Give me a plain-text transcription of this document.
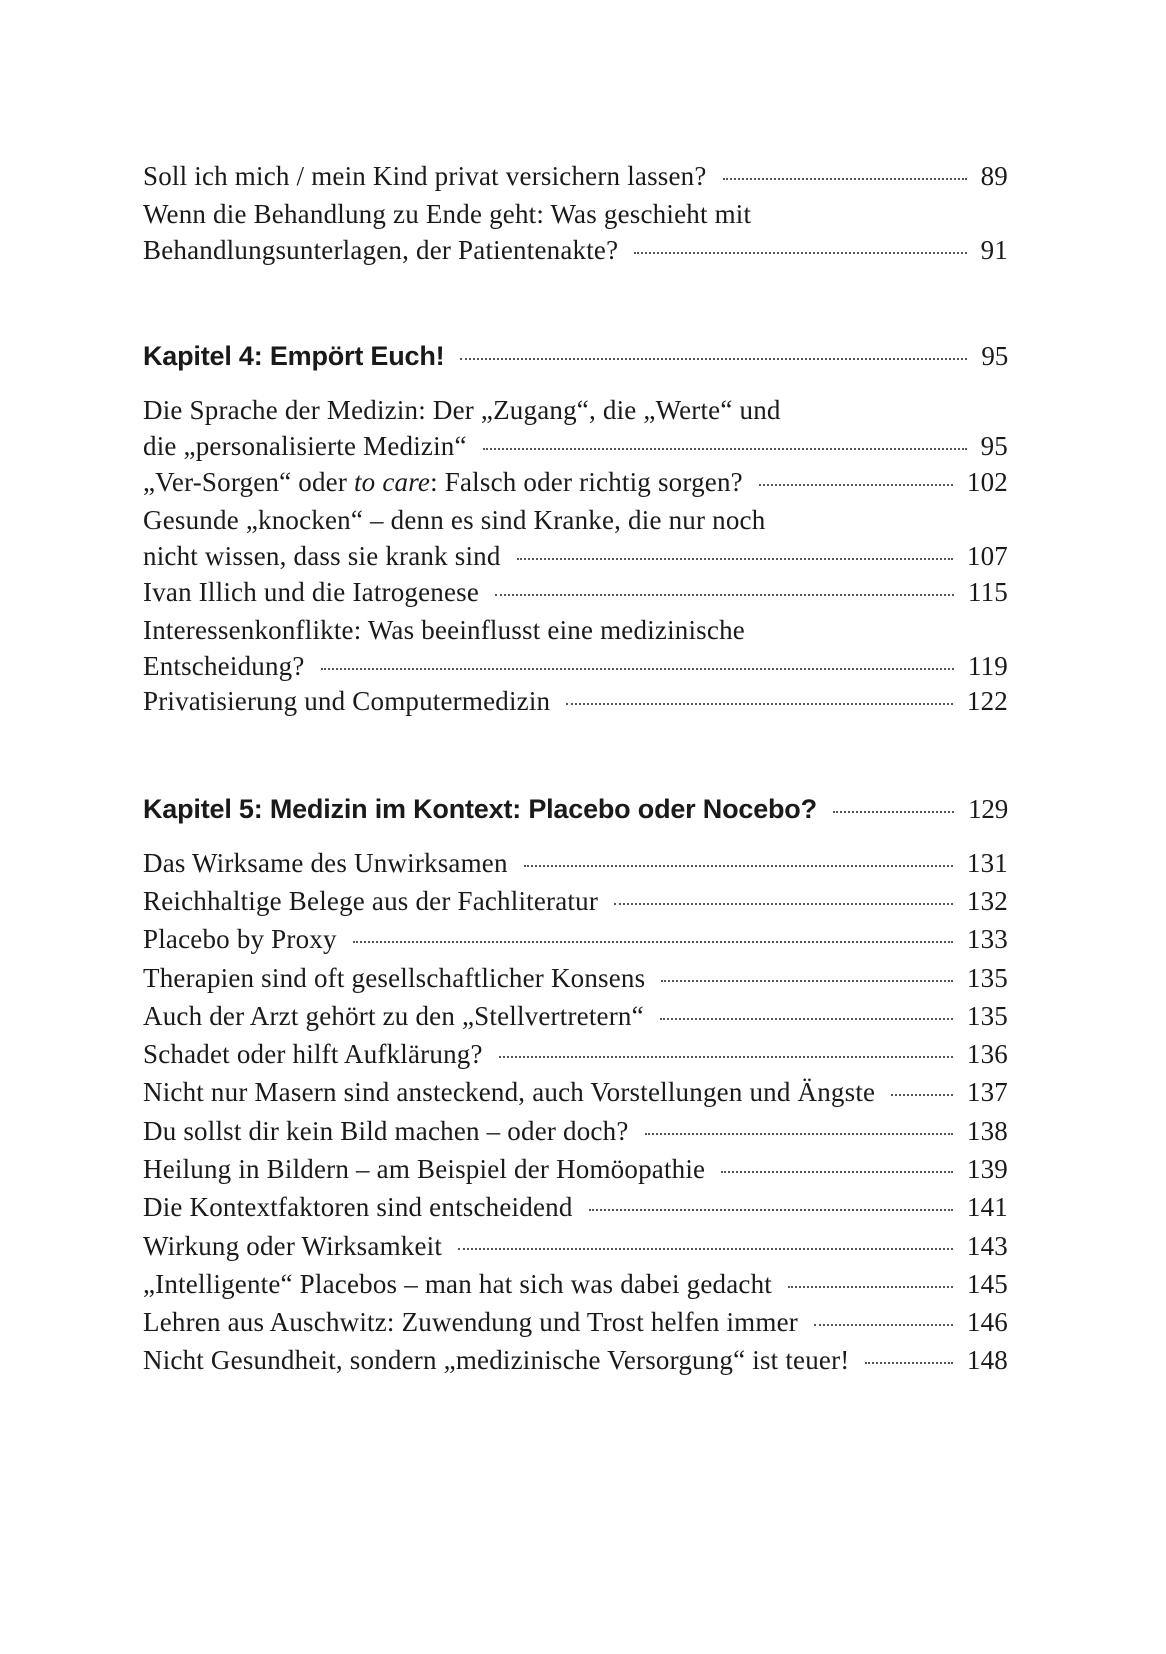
Soll ich mich / mein Kind privat versichern lassen?	89
Wenn die Behandlung zu Ende geht: Was geschieht mit
Behandlungsunterlagen, der Patientenakte?	91
Kapitel 4: Empört Euch!	95
Die Sprache der Medizin: Der „Zugang“, die „Werte“ und
die „personalisierte Medizin“	95
„Ver-Sorgen“ oder to care: Falsch oder richtig sorgen?	102
Gesunde „knocken“ – denn es sind Kranke, die nur noch
nicht wissen, dass sie krank sind	107
Ivan Illich und die Iatrogenese	115
Interessenkonflikte: Was beeinflusst eine medizinische
Entscheidung?	119
Privatisierung und Computermedizin	122
Kapitel 5: Medizin im Kontext: Placebo oder Nocebo?	129
Das Wirksame des Unwirksamen	131
Reichhaltige Belege aus der Fachliteratur	132
Placebo by Proxy	133
Therapien sind oft gesellschaftlicher Konsens	135
Auch der Arzt gehört zu den „Stellvertretern“	135
Schadet oder hilft Aufklärung?	136
Nicht nur Masern sind ansteckend, auch Vorstellungen und Ängste	137
Du sollst dir kein Bild machen – oder doch?	138
Heilung in Bildern – am Beispiel der Homöopathie	139
Die Kontextfaktoren sind entscheidend	141
Wirkung oder Wirksamkeit	143
„Intelligente“ Placebos – man hat sich was dabei gedacht	145
Lehren aus Auschwitz: Zuwendung und Trost helfen immer	146
Nicht Gesundheit, sondern „medizinische Versorgung“ ist teuer!	148
